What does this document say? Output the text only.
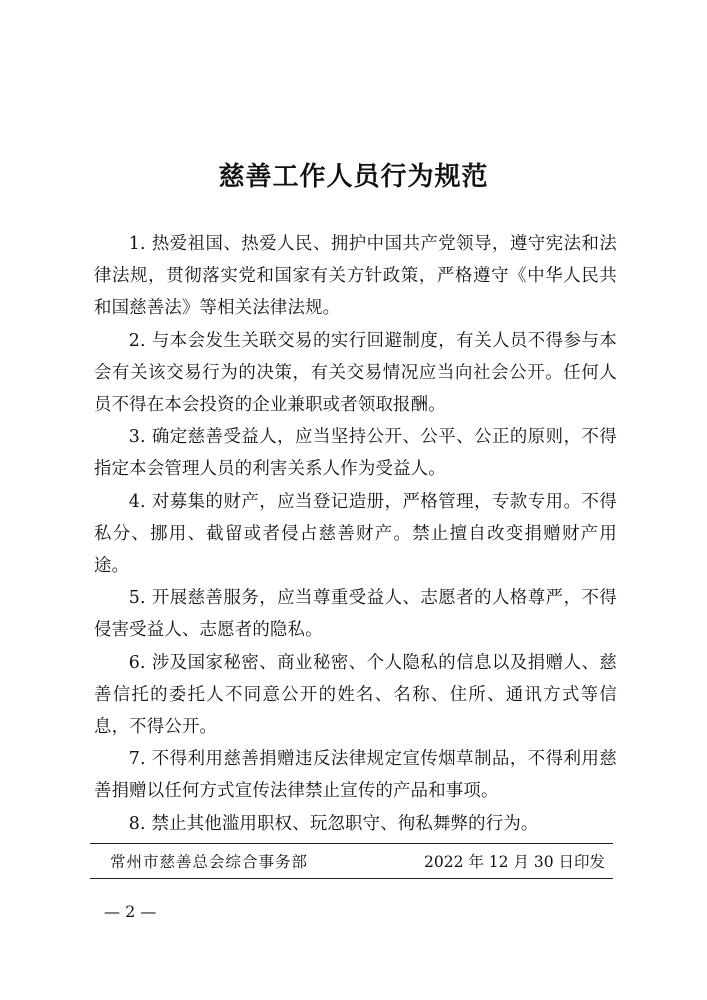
慈善工作人员行为规范

1. 热爱祖国、热爱人民、拥护中国共产党领导，遵守宪法和法律法规，贯彻落实党和国家有关方针政策，严格遵守《中华人民共和国慈善法》等相关法律法规。

2. 与本会发生关联交易的实行回避制度，有关人员不得参与本会有关该交易行为的决策，有关交易情况应当向社会公开。任何人员不得在本会投资的企业兼职或者领取报酬。

3. 确定慈善受益人，应当坚持公开、公平、公正的原则，不得指定本会管理人员的利害关系人作为受益人。

4. 对募集的财产，应当登记造册，严格管理，专款专用。不得私分、挪用、截留或者侵占慈善财产。禁止擅自改变捐赠财产用途。

5. 开展慈善服务，应当尊重受益人、志愿者的人格尊严，不得侵害受益人、志愿者的隐私。

6. 涉及国家秘密、商业秘密、个人隐私的信息以及捐赠人、慈善信托的委托人不同意公开的姓名、名称、住所、通讯方式等信息，不得公开。

7. 不得利用慈善捐赠违反法律规定宣传烟草制品，不得利用慈善捐赠以任何方式宣传法律禁止宣传的产品和事项。

8. 禁止其他滥用职权、玩忽职守、徇私舞弊的行为。

常州市慈善总会综合事务部	2022 年 12 月 30 日印发
— 2 —
